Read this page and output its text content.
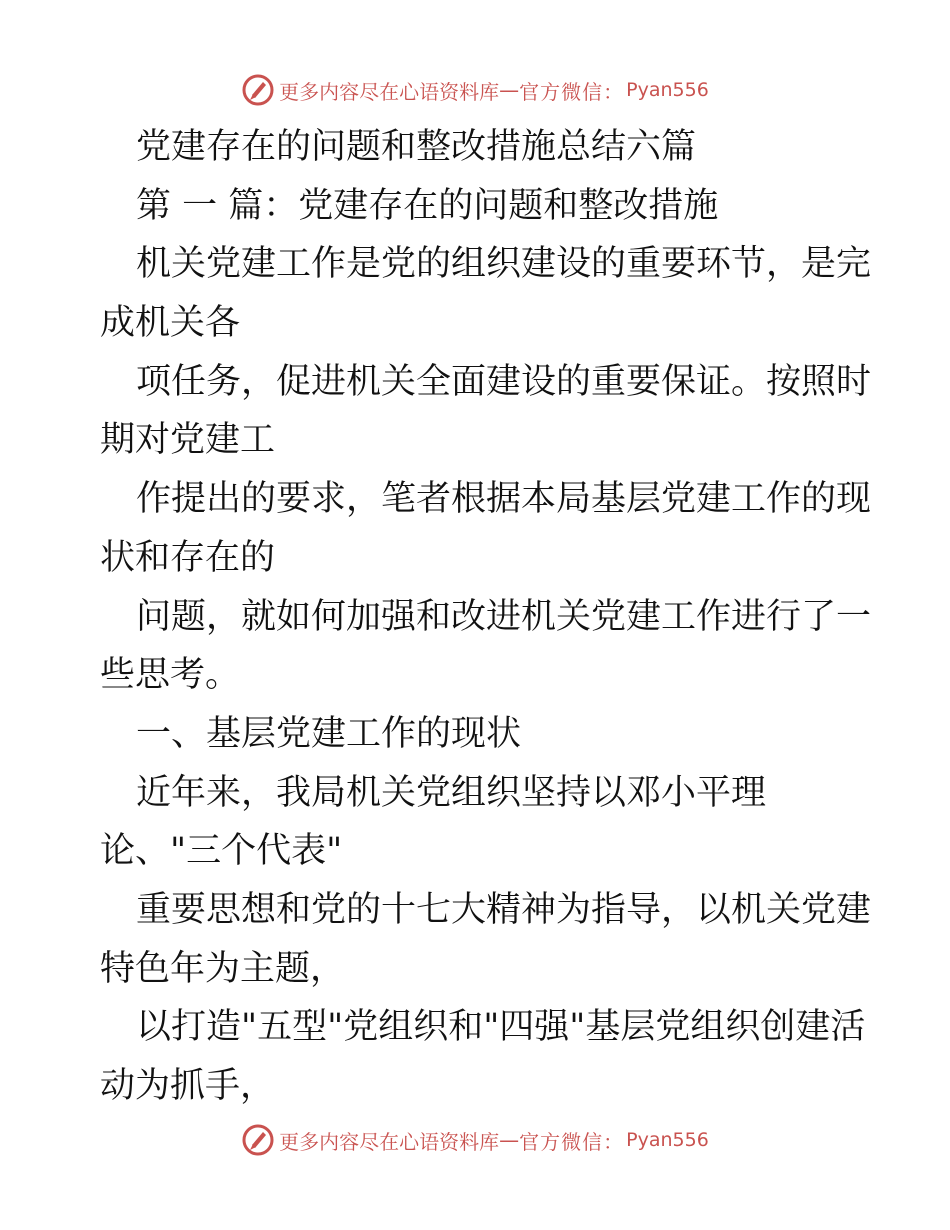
更多内容尽在心语资料库 — 官方微信： Pyan556
党建存在的问题和整改措施总结六篇
第 一 篇：党建存在的问题和整改措施
机关党建工作是党的组织建设的重要环节，是完
成机关各
项任务，促进机关全面建设的重要保证。按照时
期对党建工
作提出的要求，笔者根据本局基层党建工作的现
状和存在的
问题，就如何加强和改进机关党建工作进行了一
些思考。
一、基层党建工作的现状
近年来，我局机关党组织坚持以邓小平理
论、"三个代表"
重要思想和党的十七大精神为指导，以机关党建
特色年为主题，
以打造"五型"党组织和"四强"基层党组织创建活
动为抓手，
更多内容尽在心语资料库 — 官方微信： Pyan556
